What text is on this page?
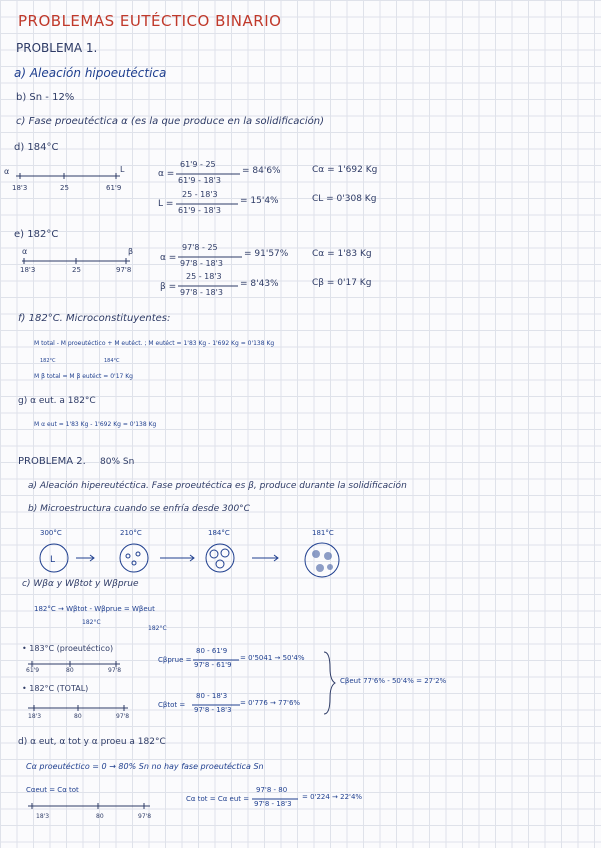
PROBLEMAS EUTÉCTICO BINARIO
PROBLEMA 1.
a) Aleación hipoeutéctica
b) Sn - 12%
c) Fase proeutéctica α (es la que produce en la solidificación)
d) 184°C
α	L
18'3	25	61'9
α =
61'9 - 25
61'9 - 18'3
= 84'6%
L =
25 - 18'3
61'9 - 18'3
= 15'4%
Cα = 1'692 Kg
CL = 0'308 Kg
e) 182°C
α	β
18'3	25	97'8
α =
97'8 - 25
97'8 - 18'3
= 91'57%
β =
25 - 18'3
97'8 - 18'3
= 8'43%
Cα = 1'83 Kg
Cβ = 0'17 Kg
f) 182°C. Microconstituyentes:
M total - M proeutéctico + M eutéct. ; M eutéct = 1'83 Kg - 1'692 Kg = 0'138 Kg
182°C	184°C
M β total = M β eutéct = 0'17 Kg
g) α eut. a 182°C
M α eut = 1'83 Kg - 1'692 Kg = 0'138 Kg
PROBLEMA 2. 80% Sn
a) Aleación hipereutéctica. Fase proeutéctica es β, produce durante la solidificación
b) Microestructura cuando se enfría desde 300°C
300°C	210°C	184°C	181°C
L
c) Wβα y Wβtot y Wβprue
182°C → Wβtot - Wβprue = Wβeut
182°C
182°C
• 183°C (proeutéctico)
61'9	80	97'8
• 182°C (TOTAL)
18'3	80	97'8
Cβprue =
80 - 61'9
97'8 - 61'9
= 0'5041 → 50'4%
Cβtot =
80 - 18'3
97'8 - 18'3
= 0'776 → 77'6%
Cβeut 77'6% - 50'4% = 27'2%
d) α eut, α tot y α proeu a 182°C
Cα proeutéctico = 0 → 80% Sn no hay fase proeutéctica Sn
Cαeut = Cα tot
18'3	80	97'8
Cα tot = Cα eut =
97'8 - 80
97'8 - 18'3
= 0'224 → 22'4%
